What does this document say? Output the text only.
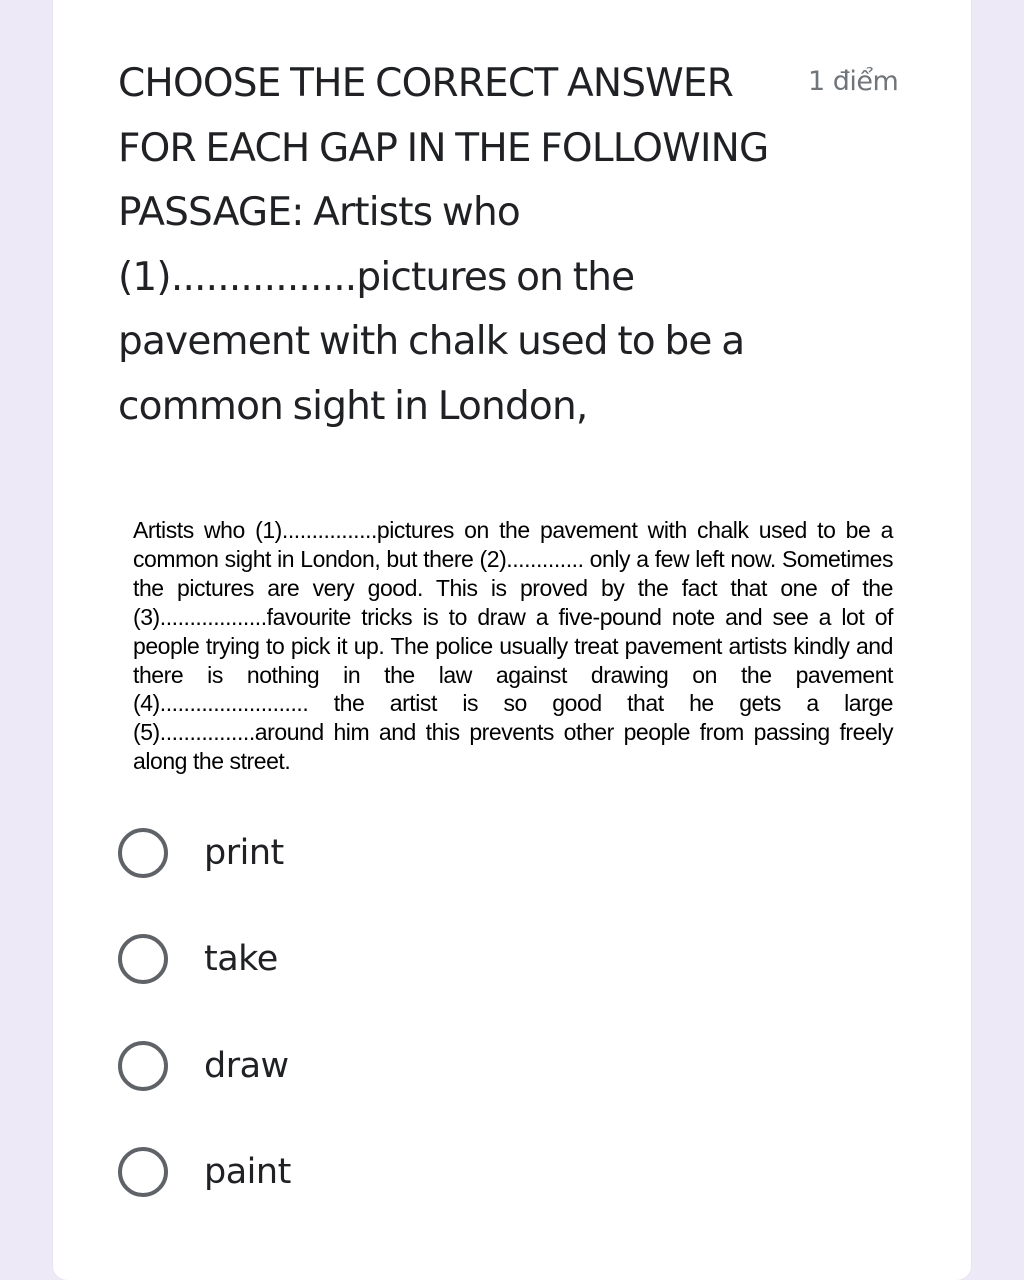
CHOOSE THE CORRECT ANSWER FOR EACH GAP IN THE FOLLOWING PASSAGE: Artists who (1)................pictures on the pavement with chalk used to be a common sight in London,
1 điểm

Artists who (1)................pictures on the pavement with chalk used to be a common sight in London, but there (2)............. only a few left now. Sometimes the pictures are very good. This is proved by the fact that one of the (3)..................favourite tricks is to draw a five-pound note and see a lot of people trying to pick it up. The police usually treat pavement artists kindly and there is nothing in the law against drawing on the pavement (4)......................... the artist is so good that he gets a large (5)................around him and this prevents other people from passing freely along the street.

print
take
draw
paint
